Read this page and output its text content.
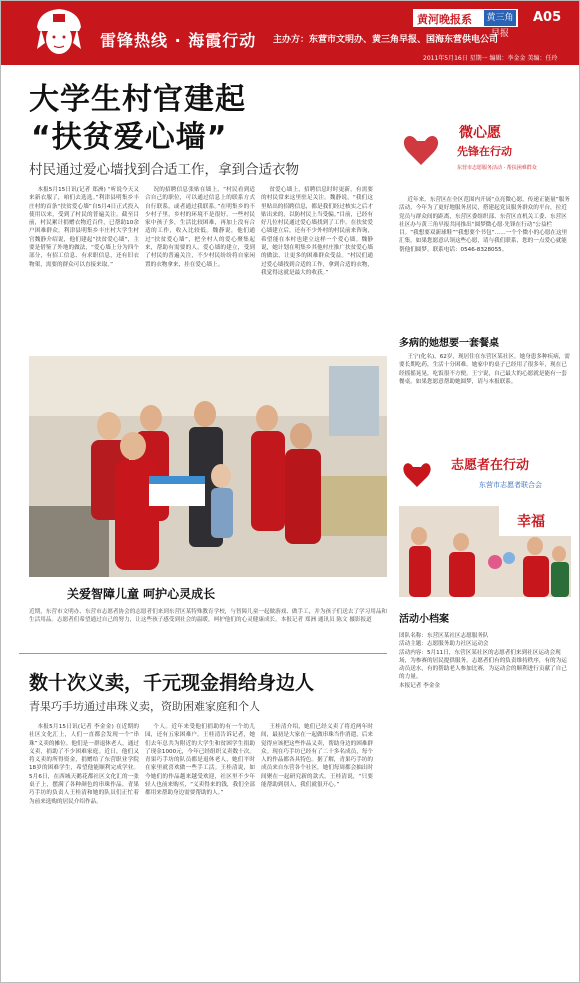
雷锋热线 · 海霞行动 主办方：东营市文明办、黄三角早报、国海东营供电公司
黄河晚报系 黄三角早报
A05
2011年5月16日 星期一 编辑：李金金 美编：任玲
大学生村官建起
“扶贫爱心墙”
村民通过爱心墙找到合适工作，拿到合适衣物

本报5月15日讯(记者 郑洲) “听说今天又来新衣服了，咱们去选选。”利津县明集乡丰庄村的首条“扶贫爱心墙”自5月4日正式投入使用以来，受到了村民的普遍关注。截至目前，村民累计捐赠衣物近百件，已帮助10余户困难群众。利津县明集乡丰庄村大学生村官魏静介绍说，他们建起“扶贫爱心墙”，主要是借鉴了外地的做法，“爱心墙上分为四个部分，有招工信息、有求职信息，还有旧衣物架，需要的群众可以直接来取。”

况的招聘信息张贴在墙上，“村民看到适合自己的职位，可以通过信息上的联系方式自行联系，或者通过我联系。”在明集乡的不少村子里，乡村的环境不是很好，一些村民家中孩子多，生活比较困难，再加上没有合适的工作，收入比较低。魏静说，他们通过“扶贫爱心墙”，把全村人的爱心聚集起来，帮助有需要的人。爱心墙的建立，受到了村民的普遍关注，不少村民纷纷将自家闲置的衣物拿来，挂在爱心墙上。

贫爱心墙上，招聘信息时时更新，有需要的村民常来这里驻足关注。魏静说，“我们这里贴出的招聘信息，都是我们经过核实之后才贴出来的，以防村民上当受骗。”目前，已经有好几位村民通过爱心墙找到了工作。在扶贫爱心墙建立后，还有不少外村的村民前来咨询，希望能在本村也建立这样一个爱心墙。魏静说，她计划在明集乡其他村庄推广扶贫爱心墙的做法，让更多的困难群众受益。“村民们通过爱心墙找到合适的工作，拿到合适的衣物，我觉得这就是最大的收获。”

关爱智障儿童 呵护心灵成长
近期，东营市文明办、东营市志愿者协会的志愿者们来到东营区某特殊教育学校，与智障儿童一起做游戏、做手工，并为孩子们送去了学习用品和生活用品。志愿者们希望通过自己的努力，让这些孩子感受到社会的温暖，呵护他们的心灵健康成长。本报记者 郑洲 通讯员 陈文 摄影报道
数十次义卖，千元现金捐给身边人
青果巧手坊通过串珠义卖，资助困难家庭和个人

本报5月15日讯(记者 李金金) 在近期的社区文化汇上，人们一直都会发现一个“串珠”义卖的摊位。他们是一群退休老人，通过义卖，捐助了不少困难家庭。近日，他们又将义卖的所得资金，捐赠给了东营职业学院18岁的困难学生，希望他能顺利完成学业。5月6日，在西城天鹅花都社区文化汇的一张桌子上，摆满了各种颜色的串珠作品。青果巧手坊的负责人王桂清和她的队员们正忙着为前来选购的居民介绍作品。

个人。近年来受他们捐助的有一个幼儿园，还有五家困难户。王桂清告诉记者，她们去年总共为附近的大学生和贫困学生捐助了现金1000元，今年已经组织义卖数十次。青果巧手坊的队员都是退休老人，她们平时在家里就喜欢做一些手工活。王桂清说，如今她们的作品越来越受欢迎，社区里不少年轻人也前来购买，“义卖得来的钱，我们全部都用来帮助身边需要帮助的人。”

王桂清介绍，她们已经义卖了将近两年时间，最初是大家在一起做串珠当作消遣，后来觉得应该把这些作品义卖，帮助身边的困难群众。现在巧手坊已经有了二十多名成员，每个人的作品都各具特色。据了解，青果巧手坊的成员来自东营各个社区，她们每周都会抽出时间聚在一起研究新的款式。王桂清说，“只要能帮助到别人，我们就很开心。”

微心愿
先锋在行动
东营市志愿服务活动 · 帮扶困难群众

近年来，东营区在全区范围内开展“点亮微心愿，传递正能量”服务活动，今年为了更好地服务居民，搭建起党员服务群众的平台，拉近党员与群众间的距离，东营区委组织部、东营区直机关工委、东营区社区办与黄三角早报共同推出“圆梦微心愿·先锋在行动”公益栏目。“我想要双新球鞋”“我想要个书包”……一个个微小的心愿在这里汇集。如果您愿意认领这些心愿，请与我们联系，您的一点爱心就能帮他们圆梦。联系电话：0546-8328055。

多病的她想要一套餐桌

王宁(化名)，62岁，现居住在东营区某社区。她身患多种疾病，需要长期吃药，生活十分困难。她家中的桌子已经用了很多年，现在已经摇摇晃晃，吃饭很不方便。王宁说，自己最大的心愿就是能有一套餐桌。如果您愿意帮助她圆梦，请与本报联系。

志愿者在行动
东营市志愿者联合会
幸福
活动小档案
团队名称：东营区某社区志愿服务队
活动主题：志愿服务助力社区运动会
活动内容：5月11日，东营区某社区的志愿者们来到社区运动会现场，为参赛的居民提供服务。志愿者们有的负责维持秩序，有的为运动员送水，有的帮助老人参加比赛，为运动会的顺利进行贡献了自己的力量。
本报记者 李金金
